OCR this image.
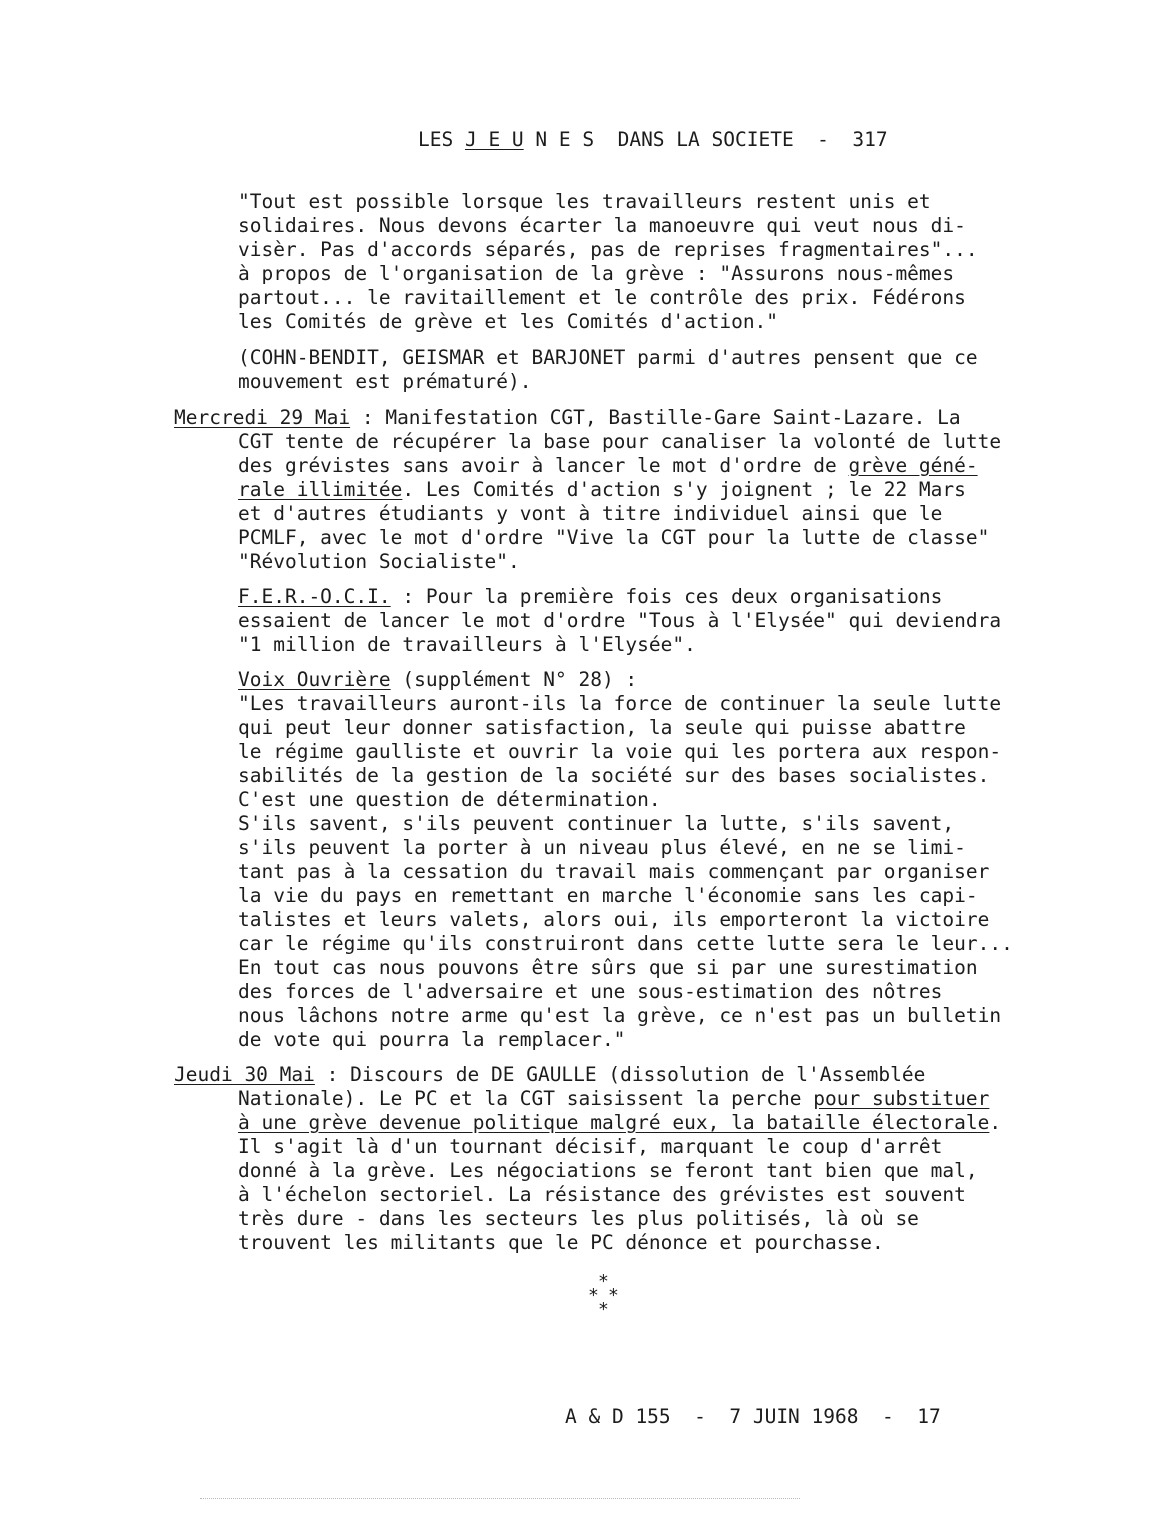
LES J E U N E S  DANS LA SOCIETE  -  317
"Tout est possible lorsque les travailleurs restent unis et
solidaires. Nous devons écarter la manoeuvre qui veut nous di-
visèr. Pas d'accords séparés, pas de reprises fragmentaires"...
à propos de l'organisation de la grève : "Assurons nous-mêmes
partout... le ravitaillement et le contrôle des prix. Fédérons
les Comités de grève et les Comités d'action."
(COHN-BENDIT, GEISMAR et BARJONET parmi d'autres pensent que ce
mouvement est prématuré).
Mercredi 29 Mai : Manifestation CGT, Bastille-Gare Saint-Lazare. La
CGT tente de récupérer la base pour canaliser la volonté de lutte
des grévistes sans avoir à lancer le mot d'ordre de grève géné-
rale illimitée. Les Comités d'action s'y joignent ; le 22 Mars
et d'autres étudiants y vont à titre individuel ainsi que le
PCMLF, avec le mot d'ordre "Vive la CGT pour la lutte de classe"
"Révolution Socialiste".
F.E.R.-O.C.I. : Pour la première fois ces deux organisations
essaient de lancer le mot d'ordre "Tous à l'Elysée" qui deviendra
"1 million de travailleurs à l'Elysée".
Voix Ouvrière (supplément N° 28) :
"Les travailleurs auront-ils la force de continuer la seule lutte
qui peut leur donner satisfaction, la seule qui puisse abattre
le régime gaulliste et ouvrir la voie qui les portera aux respon-
sabilités de la gestion de la société sur des bases socialistes.
C'est une question de détermination.
S'ils savent, s'ils peuvent continuer la lutte, s'ils savent,
s'ils peuvent la porter à un niveau plus élevé, en ne se limi-
tant pas à la cessation du travail mais commençant par organiser
la vie du pays en remettant en marche l'économie sans les capi-
talistes et leurs valets, alors oui, ils emporteront la victoire
car le régime qu'ils construiront dans cette lutte sera le leur...
En tout cas nous pouvons être sûrs que si par une surestimation
des forces de l'adversaire et une sous-estimation des nôtres
nous lâchons notre arme qu'est la grève, ce n'est pas un bulletin
de vote qui pourra la remplacer."
Jeudi 30 Mai : Discours de DE GAULLE (dissolution de l'Assemblée
Nationale). Le PC et la CGT saisissent la perche pour substituer
à une grève devenue politique malgré eux, la bataille électorale.
Il s'agit là d'un tournant décisif, marquant le coup d'arrêt
donné à la grève. Les négociations se feront tant bien que mal,
à l'échelon sectoriel. La résistance des grévistes est souvent
très dure - dans les secteurs les plus politisés, là où se
trouvent les militants que le PC dénonce et pourchasse.
*
* *
*
A & D 155  -  7 JUIN 1968  -  17
